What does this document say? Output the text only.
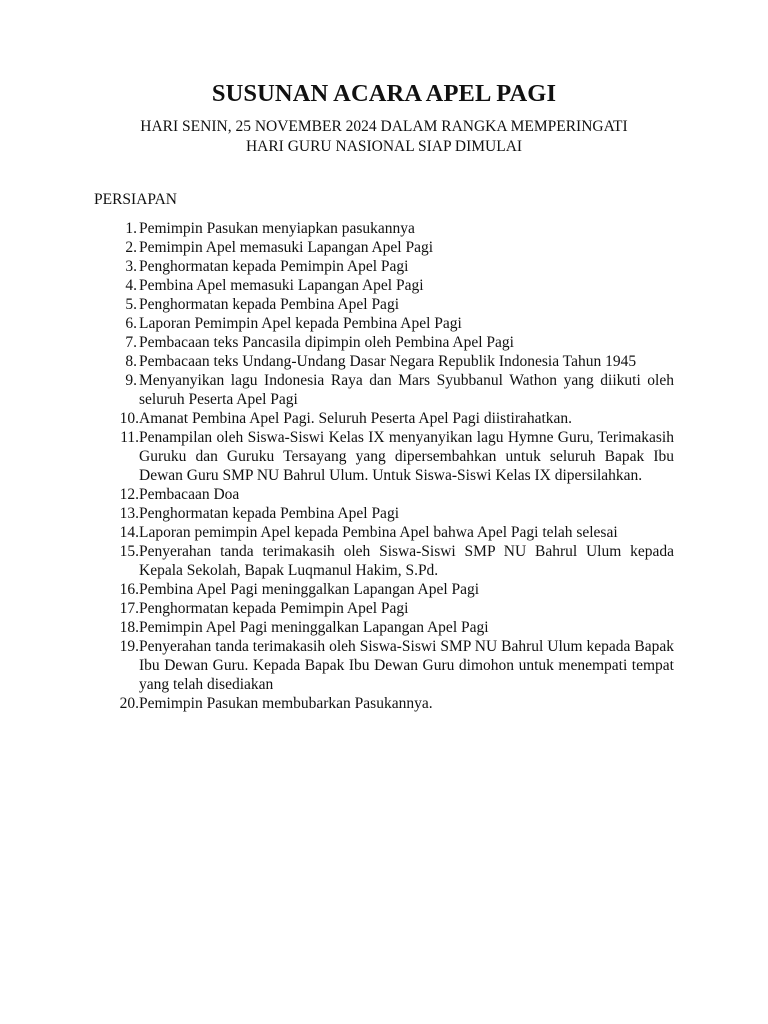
SUSUNAN ACARA APEL PAGI
HARI SENIN, 25 NOVEMBER 2024 DALAM RANGKA MEMPERINGATI
HARI GURU NASIONAL SIAP DIMULAI
PERSIAPAN
1. Pemimpin Pasukan menyiapkan pasukannya
2. Pemimpin Apel memasuki Lapangan Apel Pagi
3. Penghormatan kepada Pemimpin Apel Pagi
4. Pembina Apel memasuki Lapangan Apel Pagi
5. Penghormatan kepada Pembina Apel Pagi
6. Laporan Pemimpin Apel kepada Pembina Apel Pagi
7. Pembacaan teks Pancasila dipimpin oleh Pembina Apel Pagi
8. Pembacaan teks Undang-Undang Dasar Negara Republik Indonesia Tahun 1945
9. Menyanyikan lagu Indonesia Raya dan Mars Syubbanul Wathon yang diikuti oleh seluruh Peserta Apel Pagi
10. Amanat Pembina Apel Pagi. Seluruh Peserta Apel Pagi diistirahatkan.
11. Penampilan oleh Siswa-Siswi Kelas IX menyanyikan lagu Hymne Guru, Terimakasih Guruku dan Guruku Tersayang yang dipersembahkan untuk seluruh Bapak Ibu Dewan Guru SMP NU Bahrul Ulum. Untuk Siswa-Siswi Kelas IX dipersilahkan.
12. Pembacaan Doa
13. Penghormatan kepada Pembina Apel Pagi
14. Laporan pemimpin Apel kepada Pembina Apel bahwa Apel Pagi telah selesai
15. Penyerahan tanda terimakasih oleh Siswa-Siswi SMP NU Bahrul Ulum kepada Kepala Sekolah, Bapak Luqmanul Hakim, S.Pd.
16. Pembina Apel Pagi meninggalkan Lapangan Apel Pagi
17. Penghormatan kepada Pemimpin Apel Pagi
18. Pemimpin Apel Pagi meninggalkan Lapangan Apel Pagi
19. Penyerahan tanda terimakasih oleh Siswa-Siswi SMP NU Bahrul Ulum kepada Bapak Ibu Dewan Guru. Kepada Bapak Ibu Dewan Guru dimohon untuk menempati tempat yang telah disediakan
20. Pemimpin Pasukan membubarkan Pasukannya.
